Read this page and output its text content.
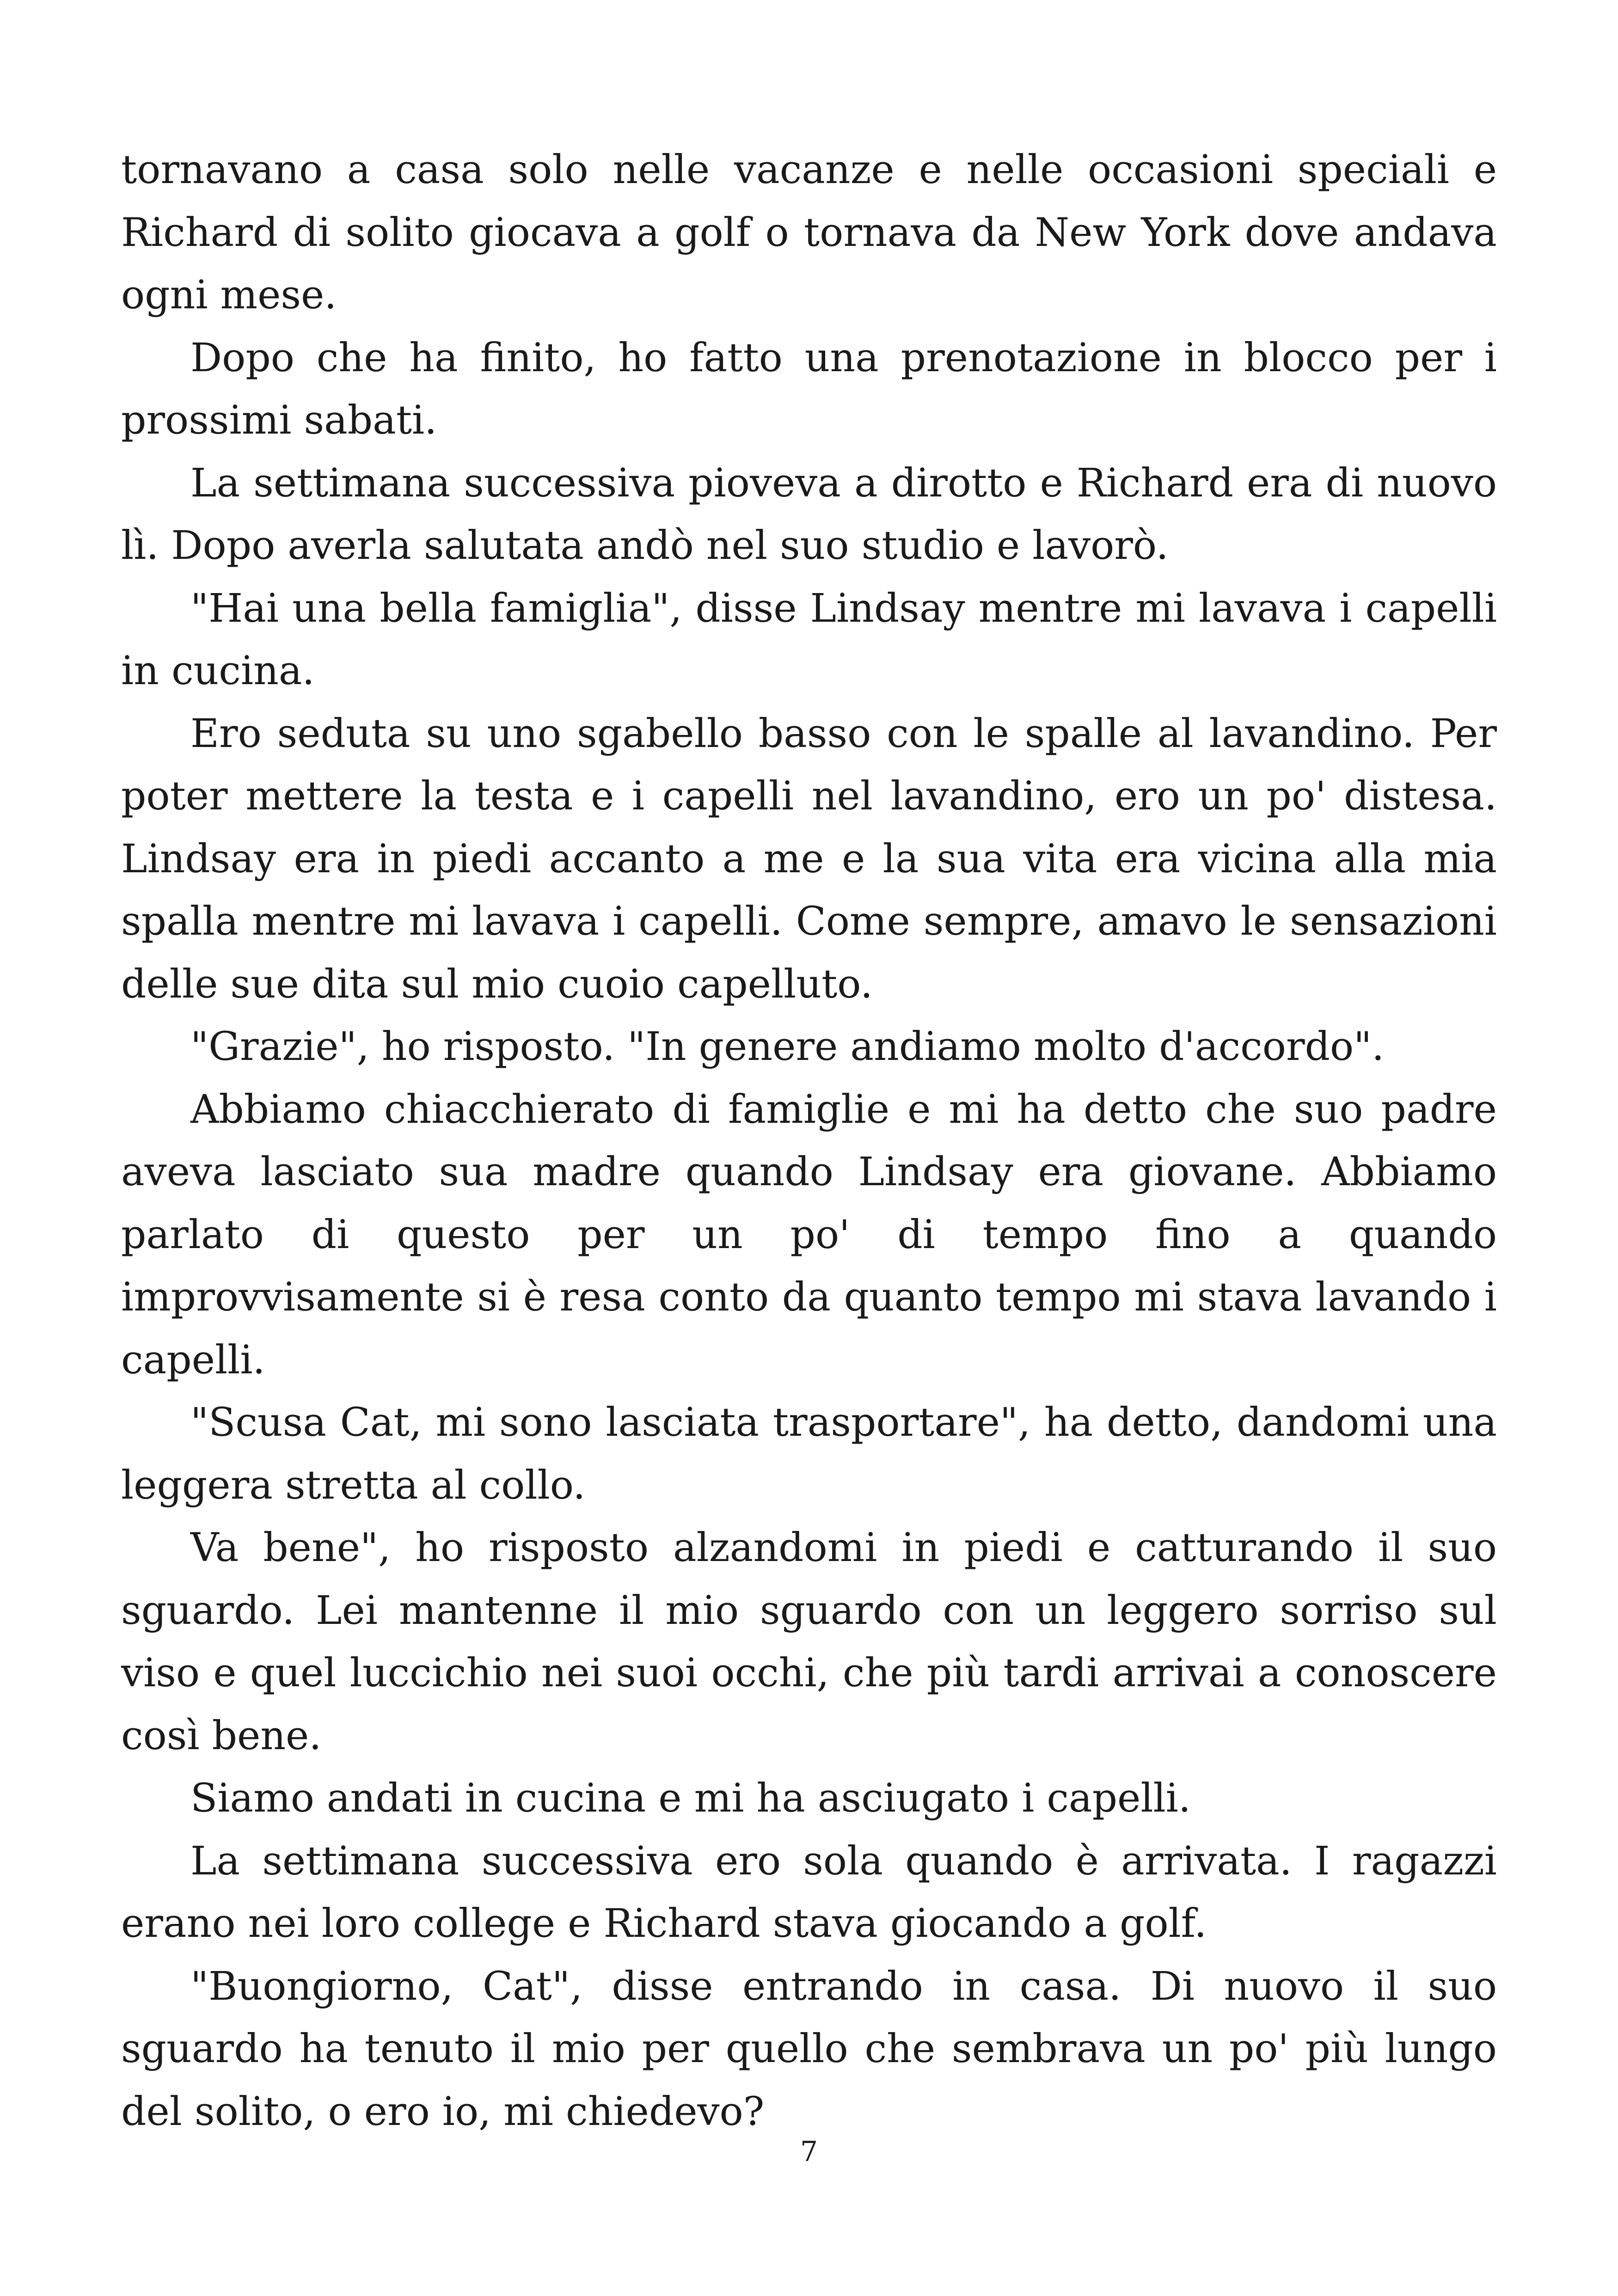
tornavano a casa solo nelle vacanze e nelle occasioni speciali e Richard di solito giocava a golf o tornava da New York dove andava ogni mese.

Dopo che ha finito, ho fatto una prenotazione in blocco per i prossimi sabati.

La settimana successiva pioveva a dirotto e Richard era di nuovo lì. Dopo averla salutata andò nel suo studio e lavorò.

"Hai una bella famiglia", disse Lindsay mentre mi lavava i capelli in cucina.

Ero seduta su uno sgabello basso con le spalle al lavandino. Per poter mettere la testa e i capelli nel lavandino, ero un po' distesa. Lindsay era in piedi accanto a me e la sua vita era vicina alla mia spalla mentre mi lavava i capelli. Come sempre, amavo le sensazioni delle sue dita sul mio cuoio capelluto.

"Grazie", ho risposto. "In genere andiamo molto d'accordo".

Abbiamo chiacchierato di famiglie e mi ha detto che suo padre aveva lasciato sua madre quando Lindsay era giovane. Abbiamo parlato di questo per un po' di tempo fino a quando improvvisamente si è resa conto da quanto tempo mi stava lavando i capelli.

"Scusa Cat, mi sono lasciata trasportare", ha detto, dandomi una leggera stretta al collo.

Va bene", ho risposto alzandomi in piedi e catturando il suo sguardo. Lei mantenne il mio sguardo con un leggero sorriso sul viso e quel luccichio nei suoi occhi, che più tardi arrivai a conoscere così bene.

Siamo andati in cucina e mi ha asciugato i capelli.

La settimana successiva ero sola quando è arrivata. I ragazzi erano nei loro college e Richard stava giocando a golf.

"Buongiorno, Cat", disse entrando in casa. Di nuovo il suo sguardo ha tenuto il mio per quello che sembrava un po' più lungo del solito, o ero io, mi chiedevo?

7
